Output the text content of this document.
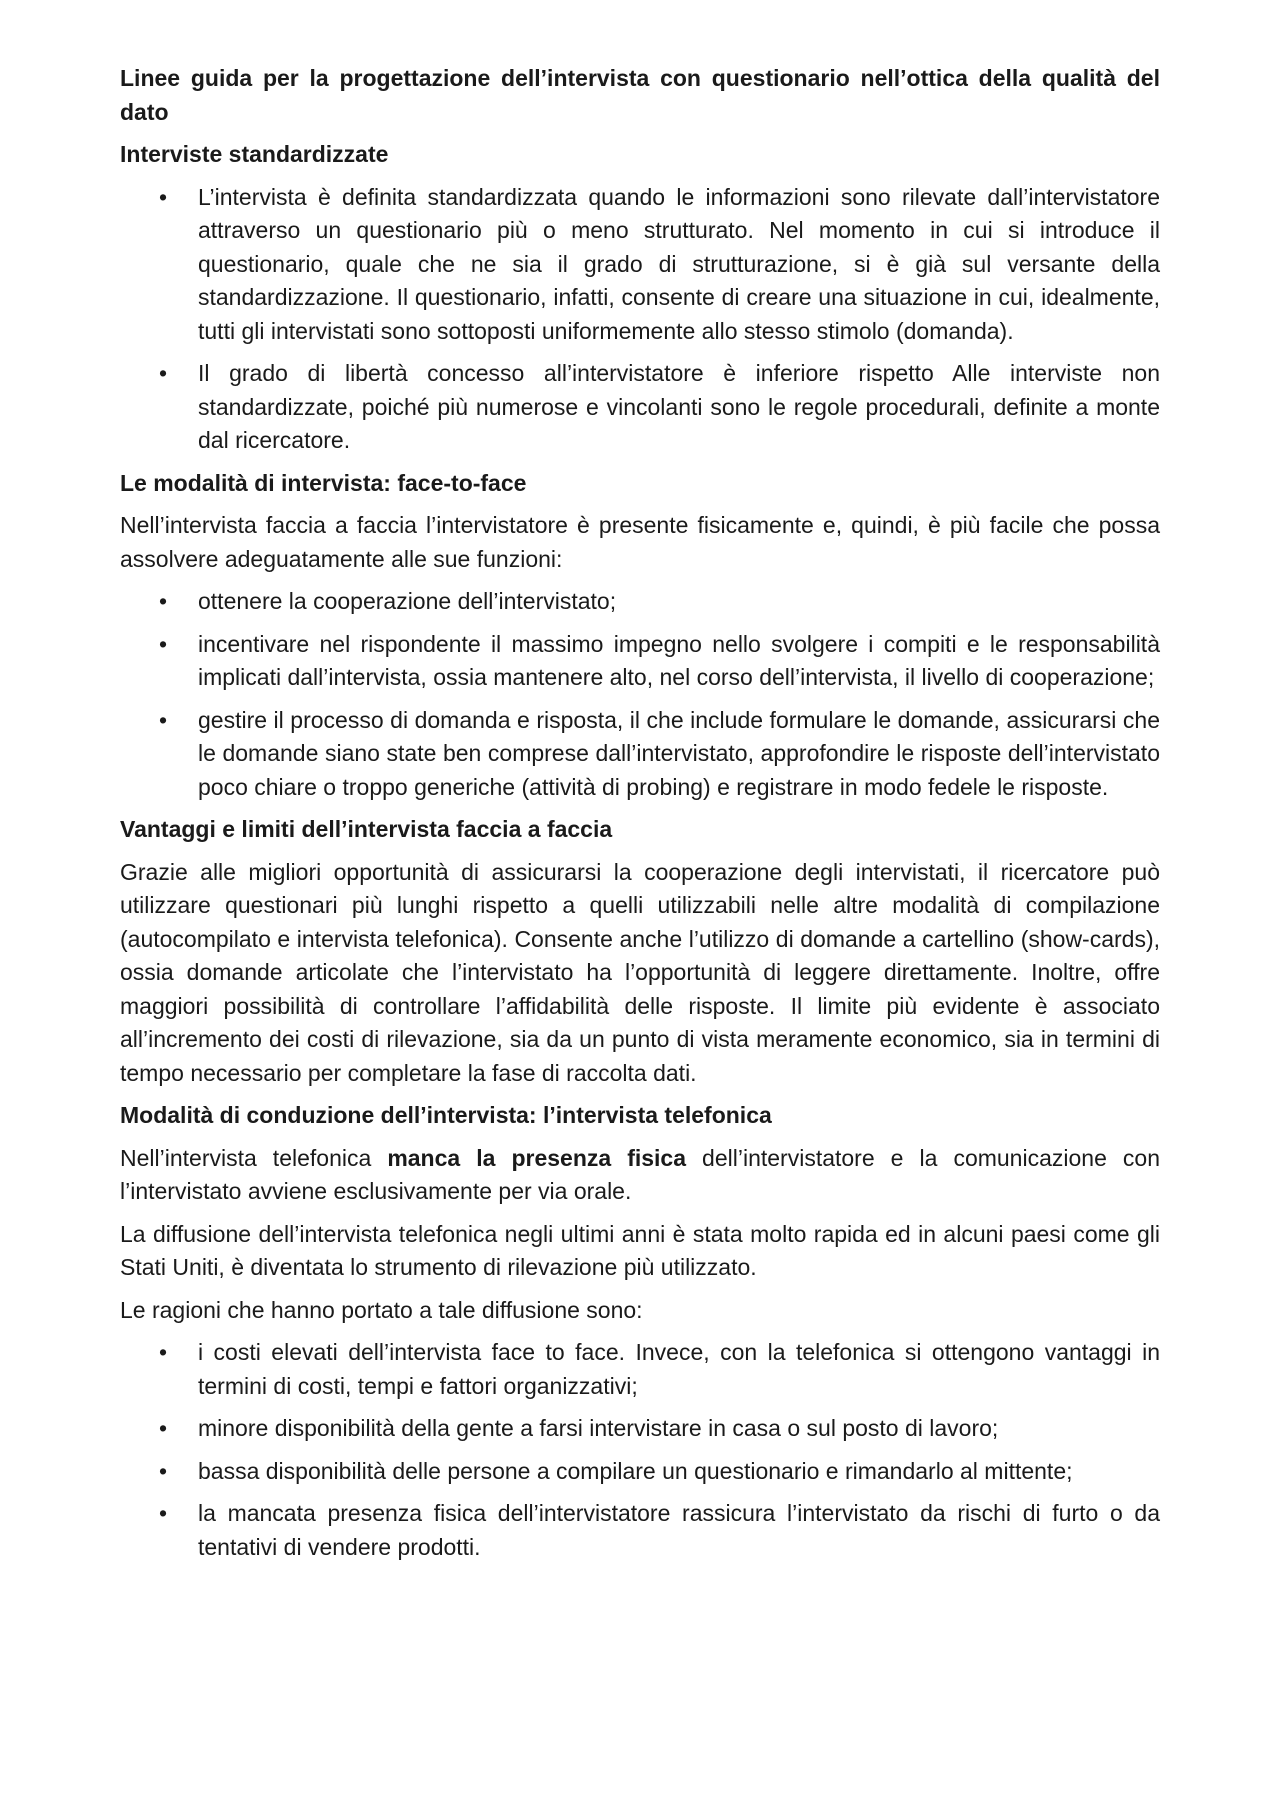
Linee guida per la progettazione dell’intervista con questionario nell’ottica della qualità del dato
Interviste standardizzate
• L’intervista è definita standardizzata quando le informazioni sono rilevate dall’intervistatore attraverso un questionario più o meno strutturato. Nel momento in cui si introduce il questionario, quale che ne sia il grado di strutturazione, si è già sul versante della standardizzazione. Il questionario, infatti, consente di creare una situazione in cui, idealmente, tutti gli intervistati sono sottoposti uniformemente allo stesso stimolo (domanda).
• Il grado di libertà concesso all’intervistatore è inferiore rispetto Alle interviste non standardizzate, poiché più numerose e vincolanti sono le regole procedurali, definite a monte dal ricercatore.
Le modalità di intervista: face-to-face
Nell’intervista faccia a faccia l’intervistatore è presente fisicamente e, quindi, è più facile che possa assolvere adeguatamente alle sue funzioni:
• ottenere la cooperazione dell’intervistato;
• incentivare nel rispondente il massimo impegno nello svolgere i compiti e le responsabilità implicati dall’intervista, ossia mantenere alto, nel corso dell’intervista, il livello di cooperazione;
• gestire il processo di domanda e risposta, il che include formulare le domande, assicurarsi che le domande siano state ben comprese dall’intervistato, approfondire le risposte dell’intervistato poco chiare o troppo generiche (attività di probing) e registrare in modo fedele le risposte.
Vantaggi e limiti dell’intervista faccia a faccia
Grazie alle migliori opportunità di assicurarsi la cooperazione degli intervistati, il ricercatore può utilizzare questionari più lunghi rispetto a quelli utilizzabili nelle altre modalità di compilazione (autocompilato e intervista telefonica). Consente anche l’utilizzo di domande a cartellino (show-cards), ossia domande articolate che l’intervistato ha l’opportunità di leggere direttamente. Inoltre, offre maggiori possibilità di controllare l’affidabilità delle risposte. Il limite più evidente è associato all’incremento dei costi di rilevazione, sia da un punto di vista meramente economico, sia in termini di tempo necessario per completare la fase di raccolta dati.
Modalità di conduzione dell’intervista: l’intervista telefonica
Nell’intervista telefonica manca la presenza fisica dell’intervistatore e la comunicazione con l’intervistato avviene esclusivamente per via orale.
La diffusione dell’intervista telefonica negli ultimi anni è stata molto rapida ed in alcuni paesi come gli Stati Uniti, è diventata lo strumento di rilevazione più utilizzato.
Le ragioni che hanno portato a tale diffusione sono:
• i costi elevati dell’intervista face to face. Invece, con la telefonica si ottengono vantaggi in termini di costi, tempi e fattori organizzativi;
• minore disponibilità della gente a farsi intervistare in casa o sul posto di lavoro;
• bassa disponibilità delle persone a compilare un questionario e rimandarlo al mittente;
• la mancata presenza fisica dell’intervistatore rassicura l’intervistato da rischi di furto o da tentativi di vendere prodotti.
